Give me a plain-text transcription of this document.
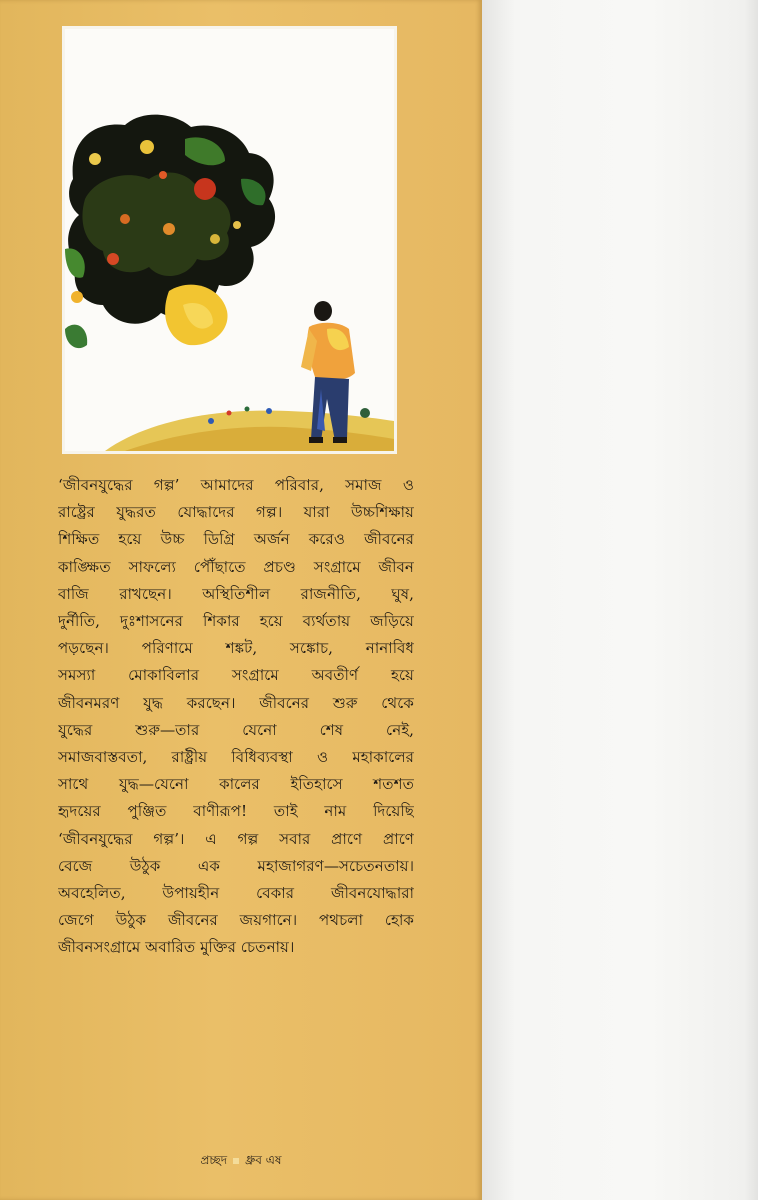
‘জীবনযুদ্ধের গল্প’ আমাদের পরিবার, সমাজ ও
রাষ্ট্রের যুদ্ধরত যোদ্ধাদের গল্প। যারা উচ্চশিক্ষায়
শিক্ষিত হয়ে উচ্চ ডিগ্রি অর্জন করেও জীবনের
কাঙ্ক্ষিত সাফল্যে পৌঁছাতে প্রচণ্ড সংগ্রামে জীবন
বাজি রাখছেন। অস্থিতিশীল রাজনীতি, ঘুষ,
দুর্নীতি, দুঃশাসনের শিকার হয়ে ব্যর্থতায় জড়িয়ে
পড়ছেন। পরিণামে শঙ্কট, সঙ্কোচ, নানাবিধ
সমস্যা মোকাবিলার সংগ্রামে অবতীর্ণ হয়ে
জীবনমরণ যুদ্ধ করছেন। জীবনের শুরু থেকে
যুদ্ধের শুরু—তার যেনো শেষ নেই,
সমাজবাস্তবতা, রাষ্ট্রীয় বিধিব্যবস্থা ও মহাকালের
সাথে যুদ্ধ—যেনো কালের ইতিহাসে শতশত
হৃদয়ের পুঞ্জিত বাণীরূপ! তাই নাম দিয়েছি
‘জীবনযুদ্ধের গল্প’। এ গল্প সবার প্রাণে প্রাণে
বেজে উঠুক এক মহাজাগরণ—সচেতনতায়।
অবহেলিত, উপায়হীন বেকার জীবনযোদ্ধারা
জেগে উঠুক জীবনের জয়গানে। পথচলা হোক
জীবনসংগ্রামে অবারিত মুক্তির চেতনায়।
প্রচ্ছদ ধ্রুব এষ
